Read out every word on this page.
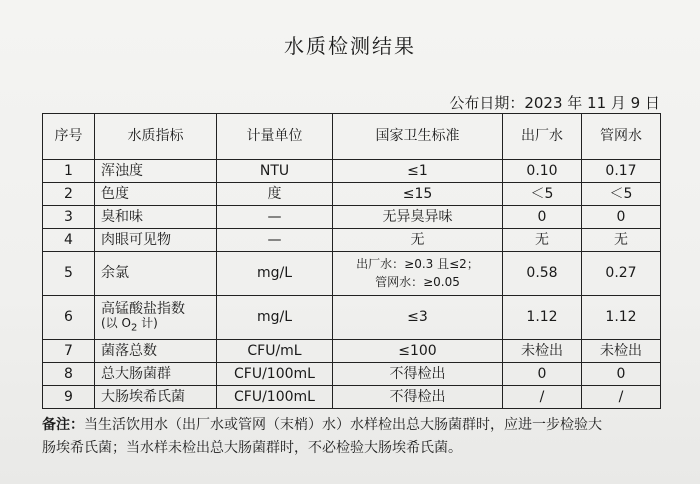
水质检测结果
公布日期：2023 年 11 月 9 日
序号	水质指标	计量单位	国家卫生标准	出厂水	管网水
1	浑浊度	NTU	≤1	0.10	0.17
2	色度	度	≤15	＜5	＜5
3	臭和味	—	无异臭异味	0	0
4	肉眼可见物	—	无	无	无
5	余氯	mg/L	出厂水：≥0.3 且≤2；
管网水：≥0.05	0.58	0.27
6	高锰酸盐指数
(以 $O_2$ 计)	mg/L	≤3	1.12	1.12
7	菌落总数	CFU/mL	≤100	未检出	未检出
8	总大肠菌群	CFU/100mL	不得检出	0	0
9	大肠埃希氏菌	CFU/100mL	不得检出	/	/
备注：当生活饮用水（出厂水或管网（末梢）水）水样检出总大肠菌群时，应进一步检验大
肠埃希氏菌；当水样未检出总大肠菌群时，不必检验大肠埃希氏菌。
